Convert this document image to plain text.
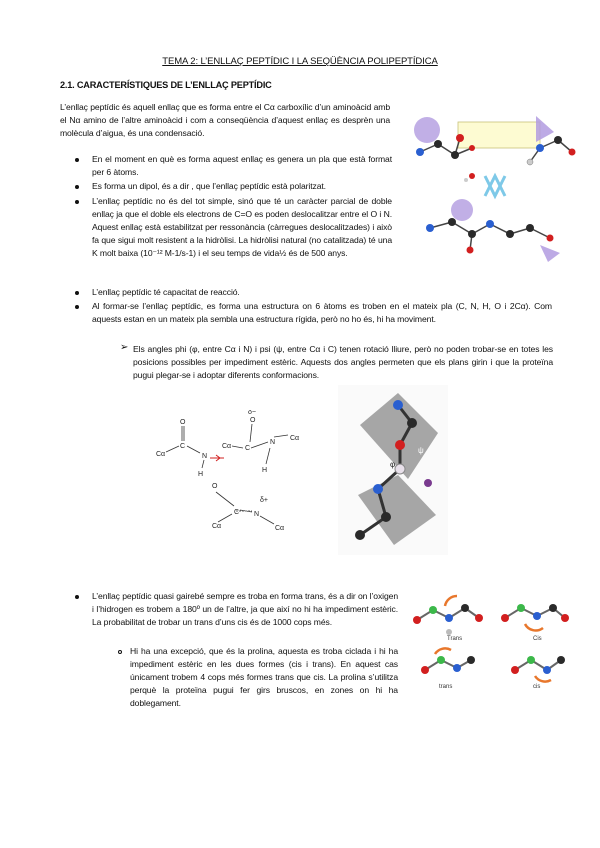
TEMA 2: L’ENLLAÇ PEPTÍDIC I LA SEQÜÈNCIA POLIPEPTÍDICA
2.1. CARACTERÍSTIQUES DE L’ENLLAÇ PEPTÍDIC
L’enllaç peptídic és aquell enllaç que es forma entre el Cα carboxílic d’un aminoàcid amb el Nα amino de l’altre aminoàcid i com a conseqüència d’aquest enllaç es desprèn una molècula d’aigua, és una condensació.
En el moment en què es forma aquest enllaç es genera un pla que està format per 6 àtoms.
Es forma un dipol, és a dir , que l’enllaç peptídic està polaritzat.
L’enllaç peptídic no és del tot simple, sinó que té un caràcter parcial de doble enllaç ja que el doble els electrons de C=O es poden deslocalitzar entre el O i N. Aquest enllaç està estabilitzat per ressonància (càrregues deslocalitzades) i això fa que sigui molt resistent a la hidròlisi. La hidròlisi natural (no catalitzada) té una K molt baixa (10⁻¹² M-1/s-1) i el seu temps de vida½ és de 500 anys.
L’enllaç peptídic té capacitat de reacció.
Al formar-se l’enllaç peptídic, es forma una estructura on 6 àtoms es troben en el mateix pla (C, N, H, O i 2Cα). Com aquests estan en un mateix pla sembla una estructura rígida, però no ho és, hi ha moviment.
➢ Els angles phi (φ, entre Cα i N) i psi (ψ, entre Cα i C) tenen rotació lliure, però no poden trobar-se en totes les posicions possibles per impediment estèric. Aquests dos angles permeten que els plans girin i que la proteïna pugui plegar-se i adoptar diferents conformacions.
O	O
δ−
Cα
C
N
H
Cα C
N
H
Cα
O
Cα
C N
δ+
Cα
ψ
φ
L’enllaç peptídic quasi gairebé sempre es troba en forma trans, és a dir on l’oxigen i l’hidrogen es trobem a 180º un de l’altre, ja que així no hi ha impediment estèric. La probabilitat de trobar un trans d’uns cis és de 1000 cops més.
Hi ha una excepció, que és la prolina, aquesta es troba ciclada i hi ha impediment estèric en les dues formes (cis i trans). En aquest cas únicament trobem 4 cops més formes trans que cis. La prolina s’utilitza perquè la proteïna pugui fer girs bruscos, en zones on hi ha doblegament.
Trans	Cis
trans	cis
